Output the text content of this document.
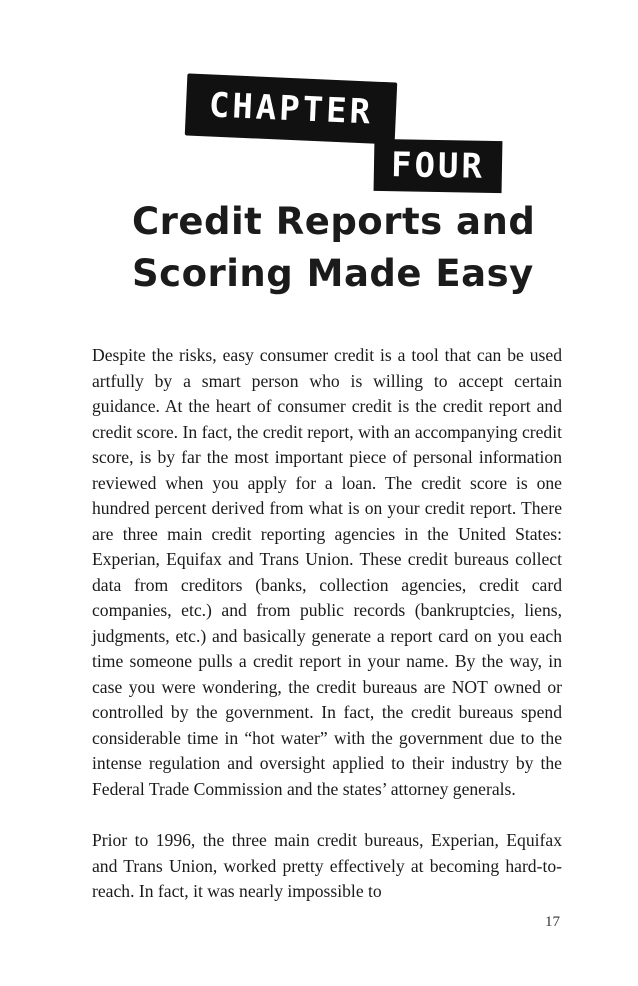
CHAPTER
FOUR
Credit Reports and
Scoring Made Easy

Despite the risks, easy consumer credit is a tool that can be used artfully by a smart person who is willing to accept certain guidance. At the heart of consumer credit is the credit report and credit score. In fact, the credit report, with an accompanying credit score, is by far the most important piece of personal information reviewed when you apply for a loan. The credit score is one hundred percent derived from what is on your credit report. There are three main credit reporting agencies in the United States: Experian, Equifax and Trans Union. These credit bureaus collect data from creditors (banks, collection agencies, credit card companies, etc.) and from public records (bankruptcies, liens, judgments, etc.) and basically generate a report card on you each time someone pulls a credit report in your name. By the way, in case you were wondering, the credit bureaus are NOT owned or controlled by the government. In fact, the credit bureaus spend considerable time in “hot water” with the government due to the intense regulation and oversight applied to their industry by the Federal Trade Commission and the states’ attorney generals.

Prior to 1996, the three main credit bureaus, Experian, Equifax and Trans Union, worked pretty effectively at becoming hard-to-reach. In fact, it was nearly impossible to

17
